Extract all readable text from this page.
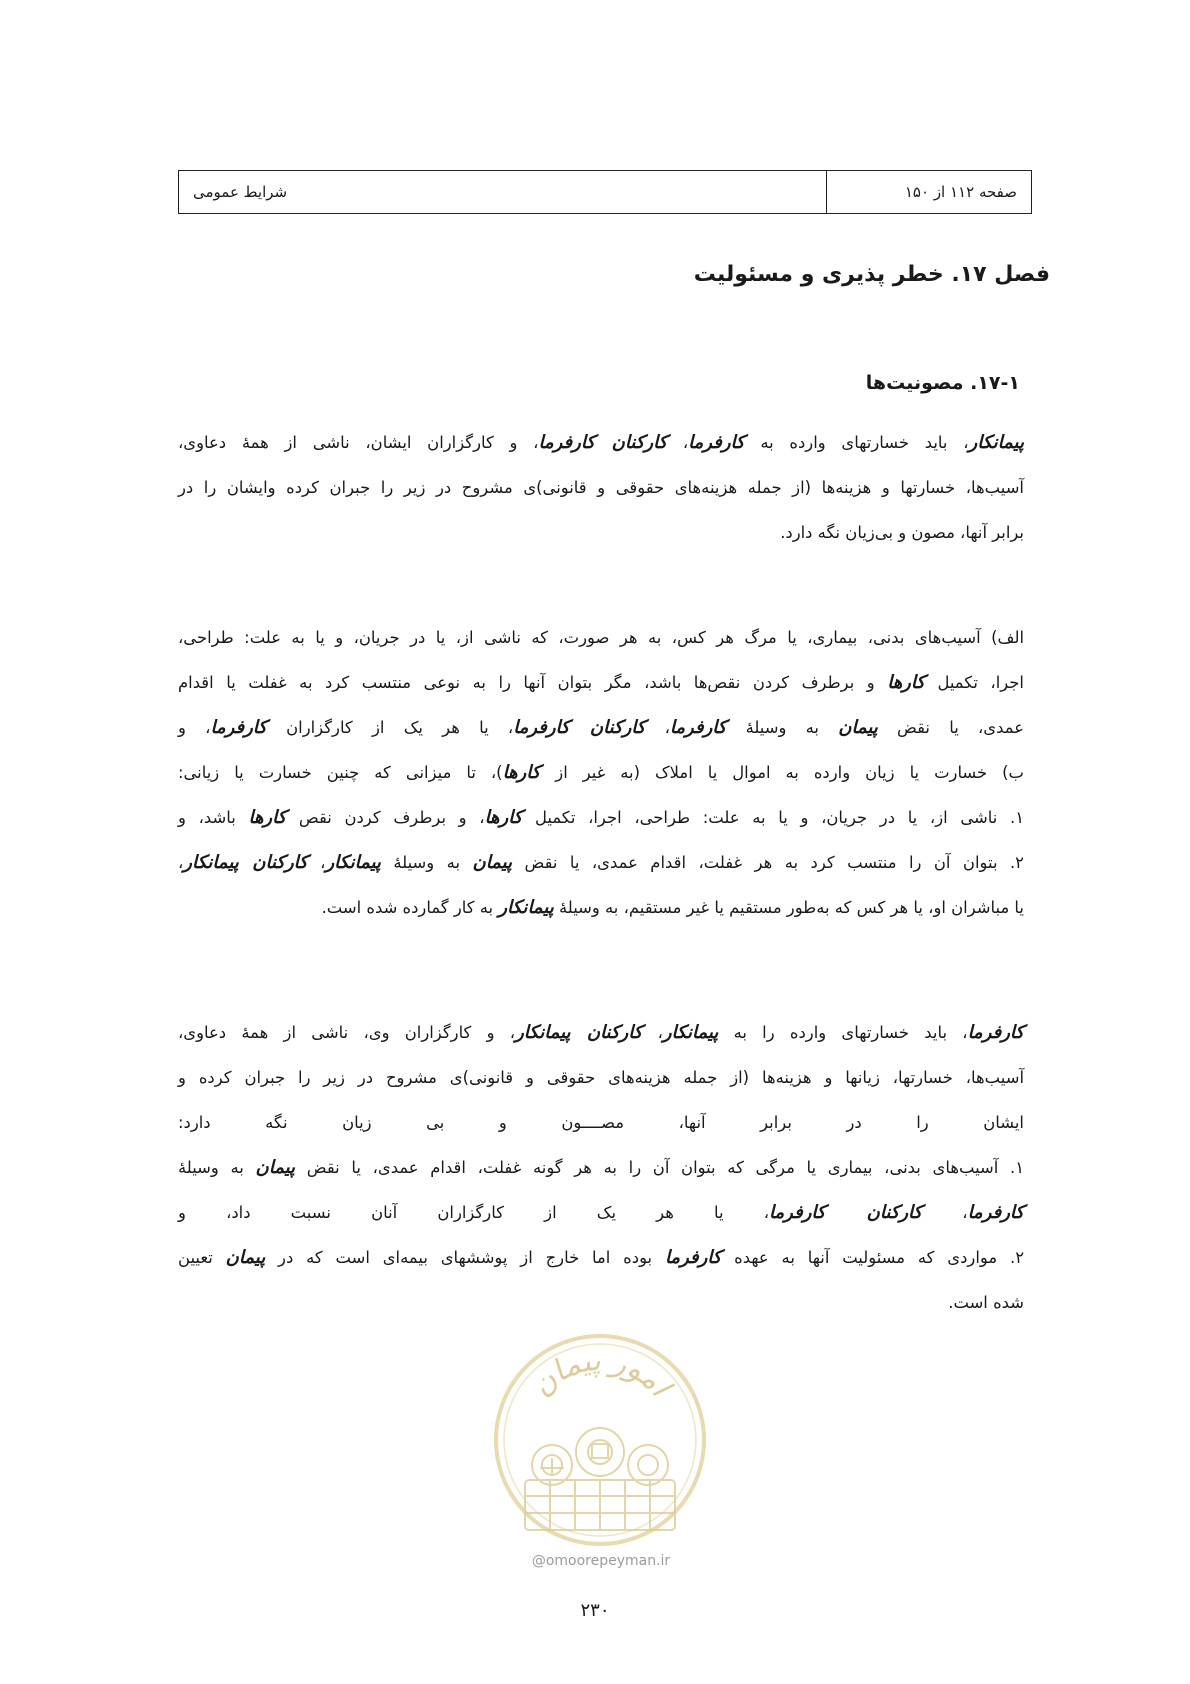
صفحه ۱۱۲ از ۱۵۰
شرایط عمومی
فصل ۱۷. خطر پذیری و مسئولیت
۱۷-۱. مصونیت‌ها
پیمانکار، باید خسارتهای وارده به کارفرما، کارکنان کارفرما، و کارگزاران ایشان، ناشی از همهٔ دعاوی،
آسیب‌ها، خسارتها و هزینه‌ها (از جمله هزینه‌های حقوقی و قانونی)ی مشروح در زیر را جبران کرده وایشان را در
برابر آنها، مصون و بی‌زیان نگه دارد.
الف) آسیب‌های بدنی، بیماری، یا مرگ هر کس، به هر صورت، که ناشی از، یا در جریان، و یا به علت: طراحی،
اجرا، تکمیل کارها و برطرف کردن نقص‌ها باشد، مگر بتوان آنها را به نوعی منتسب کرد به غفلت یا اقدام
عمدی، یا نقض پیمان به وسیلهٔ کارفرما، کارکنان کارفرما، یا هر یک از کارگزاران کارفرما، و
ب) خسارت یا زیان وارده به اموال یا املاک (به غیر از کارها)، تا میزانی که چنین خسارت یا زیانی:
۱. ناشی از، یا در جریان، و یا به علت: طراحی، اجرا، تکمیل کارها، و برطرف کردن نقص کارها باشد، و
۲. بتوان آن را منتسب کرد به هر غفلت، اقدام عمدی، یا نقض پیمان به وسیلهٔ پیمانکار، کارکنان پیمانکار،
یا مباشران او، یا هر کس که به‌طور مستقیم یا غیر مستقیم، به وسیلهٔ پیمانکار به کار گمارده شده است.
کارفرما، باید خسارتهای وارده را به پیمانکار، کارکنان پیمانکار، و کارگزاران وی، ناشی از همهٔ دعاوی،
آسیب‌ها، خسارتها، زیانها و هزینه‌ها (از جمله هزینه‌های حقوقی و قانونی)ی مشروح در زیر را جبران کرده و
ایشان را در برابر آنها، مصــــون و بی زیان نگه دارد:
۱. آسیب‌های بدنی، بیماری یا مرگی که بتوان آن را به هر گونه غفلت، اقدام عمدی، یا نقض پیمان به وسیلهٔ
کارفرما، کارکنان کارفرما، یا هر یک از کارگزاران آنان نسبت داد، و
۲. مواردی که مسئولیت آنها به عهده کارفرما بوده اما خارج از پوششهای بیمه‌ای است که در پیمان تعیین
شده است.
امور پیمان
@omoorepeyman.ir
۲۳۰
